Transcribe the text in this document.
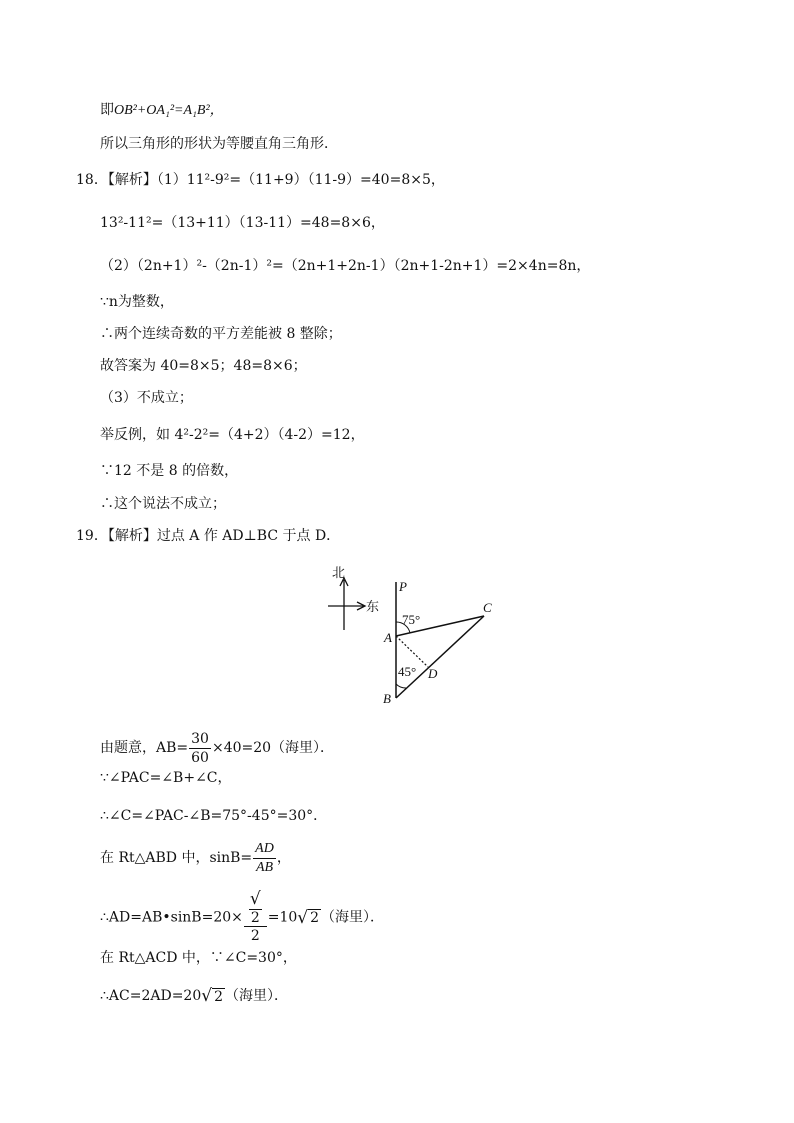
即OB²+OA₁²=A₁B²，
所以三角形的形状为等腰直角三角形．
18．【解析】（1）11²-9²=（11+9）（11-9）=40=8×5，
13²-11²=（13+11）（13-11）=48=8×6，
（2）（2n+1）²-（2n-1）²=（2n+1+2n-1）（2n+1-2n+1）=2×4n=8n，
∵n为整数，
∴两个连续奇数的平方差能被 8 整除；
故答案为 40=8×5；48=8×6；
（3）不成立；
举反例，如 4²-2²=（4+2）（4-2）=12，
∵12 不是 8 的倍数，
∴这个说法不成立；
19．【解析】过点 A 作 AD⊥BC 于点 D．
北
东
P
A
B
C
D
75°
45°
由题意，$AB= \frac{30}{60} \times 40=20$（海里）．
∵∠PAC=∠B+∠C，
∴∠C=∠PAC-∠B=75°-45°=30°．
在 Rt△ABD 中，$\sin B= \frac{AD}{AB}$ ，
∴AD=AB•sinB=20× √
2
2 =10√ 2 （海里）．
在 Rt△ACD 中，∵∠C=30°，
∴AC=2AD=20√ 2 （海里）．
